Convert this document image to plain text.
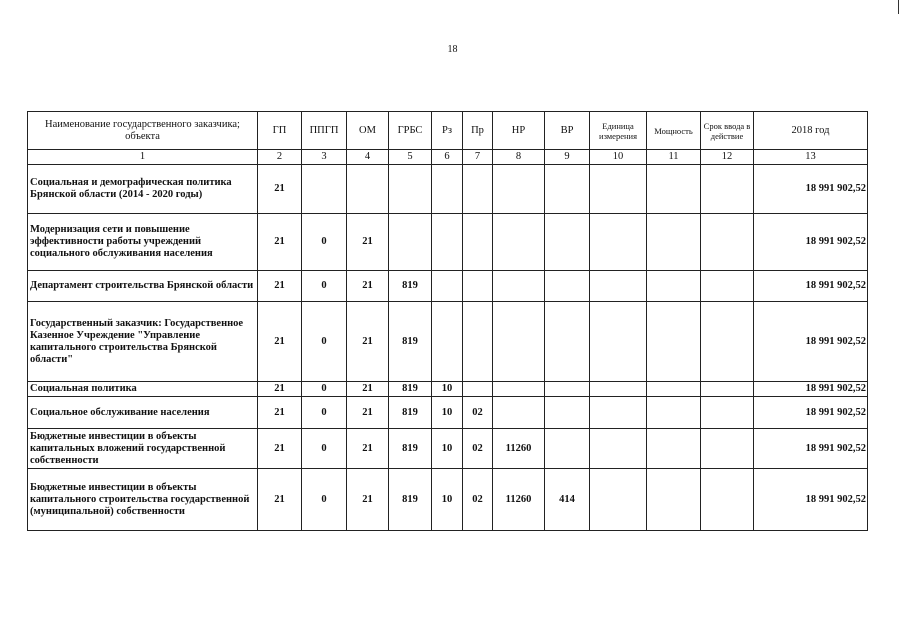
18
Наименование государственного заказчика; объекта	ГП	ППГП	ОМ	ГРБС	Рз	Пр	НР	ВР	Единица измерения	Мощность	Срок ввода в действие	2018 год
1	2	3	4	5	6	7	8	9	10	11	12	13
Социальная и демографическая политика Брянской области (2014 - 2020 годы)	21											18 991 902,52
Модернизация сети и повышение эффективности работы учреждений социального обслуживания населения	21	0	21									18 991 902,52
Департамент строительства Брянской области	21	0	21	819								18 991 902,52
Государственный заказчик: Государственное Казенное Учреждение "Управление капитального строительства Брянской области"	21	0	21	819								18 991 902,52
Социальная политика	21	0	21	819	10							18 991 902,52
Социальное обслуживание населения	21	0	21	819	10	02						18 991 902,52
Бюджетные инвестиции в объекты капитальных вложений государственной собственности	21	0	21	819	10	02	11260					18 991 902,52
Бюджетные инвестиции в объекты капитального строительства государственной (муниципальной) собственности	21	0	21	819	10	02	11260	414				18 991 902,52
